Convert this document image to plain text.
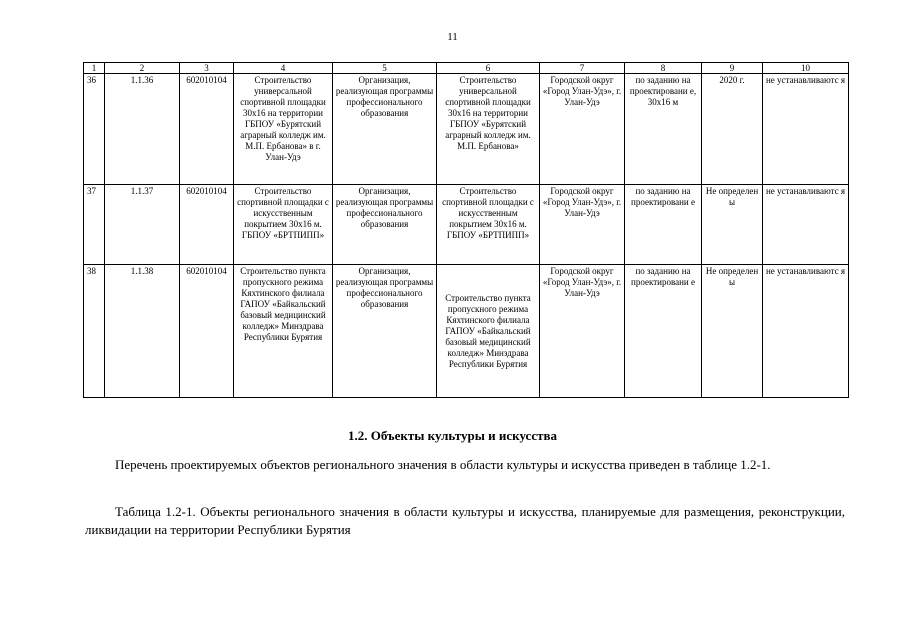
11
1	2	3	4	5	6	7	8	9	10
36	1.1.36	602010104	Строительство универсальной спортивной площадки 30х16 на территории ГБПОУ «Бурятский аграрный колледж им. М.П. Ербанова» в г. Улан-Удэ	Организация, реализующая программы профессионального образования	Строительство универсальной спортивной площадки 30х16 на территории ГБПОУ «Бурятский аграрный колледж им. М.П. Ербанова»	Городской округ «Город Улан-Удэ», г. Улан-Удэ	по заданию на проектировани е, 30х16 м	2020 г.	не устанавливаютс я
37	1.1.37	602010104	Строительство спортивной площадки с искусственным покрытием 30х16 м. ГБПОУ «БРТПИПП»	Организация, реализующая программы профессионального образования	Строительство спортивной площадки с искусственным покрытием 30х16 м. ГБПОУ «БРТПИПП»	Городской округ «Город Улан-Удэ», г. Улан-Удэ	по заданию на проектировани е	Не определен ы	не устанавливаютс я
38	1.1.38	602010104	Строительство пункта пропускного режима Кяхтинского филиала ГАПОУ «Байкальский базовый медицинский колледж» Минздрава Республики Бурятия	Организация, реализующая программы профессионального образования	Строительство пункта пропускного режима Кяхтинского филиала ГАПОУ «Байкальский базовый медицинский колледж» Минздрава Республики Бурятия	Городской округ «Город Улан-Удэ», г. Улан-Удэ	по заданию на проектировани е	Не определен ы	не устанавливаютс я
1.2. Объекты культуры и искусства

Перечень проектируемых объектов регионального значения в области культуры и искусства приведен в таблице 1.2-1.

Таблица 1.2-1. Объекты регионального значения в области культуры и искусства, планируемые для размещения, реконструкции, ликвидации на территории Республики Бурятия
